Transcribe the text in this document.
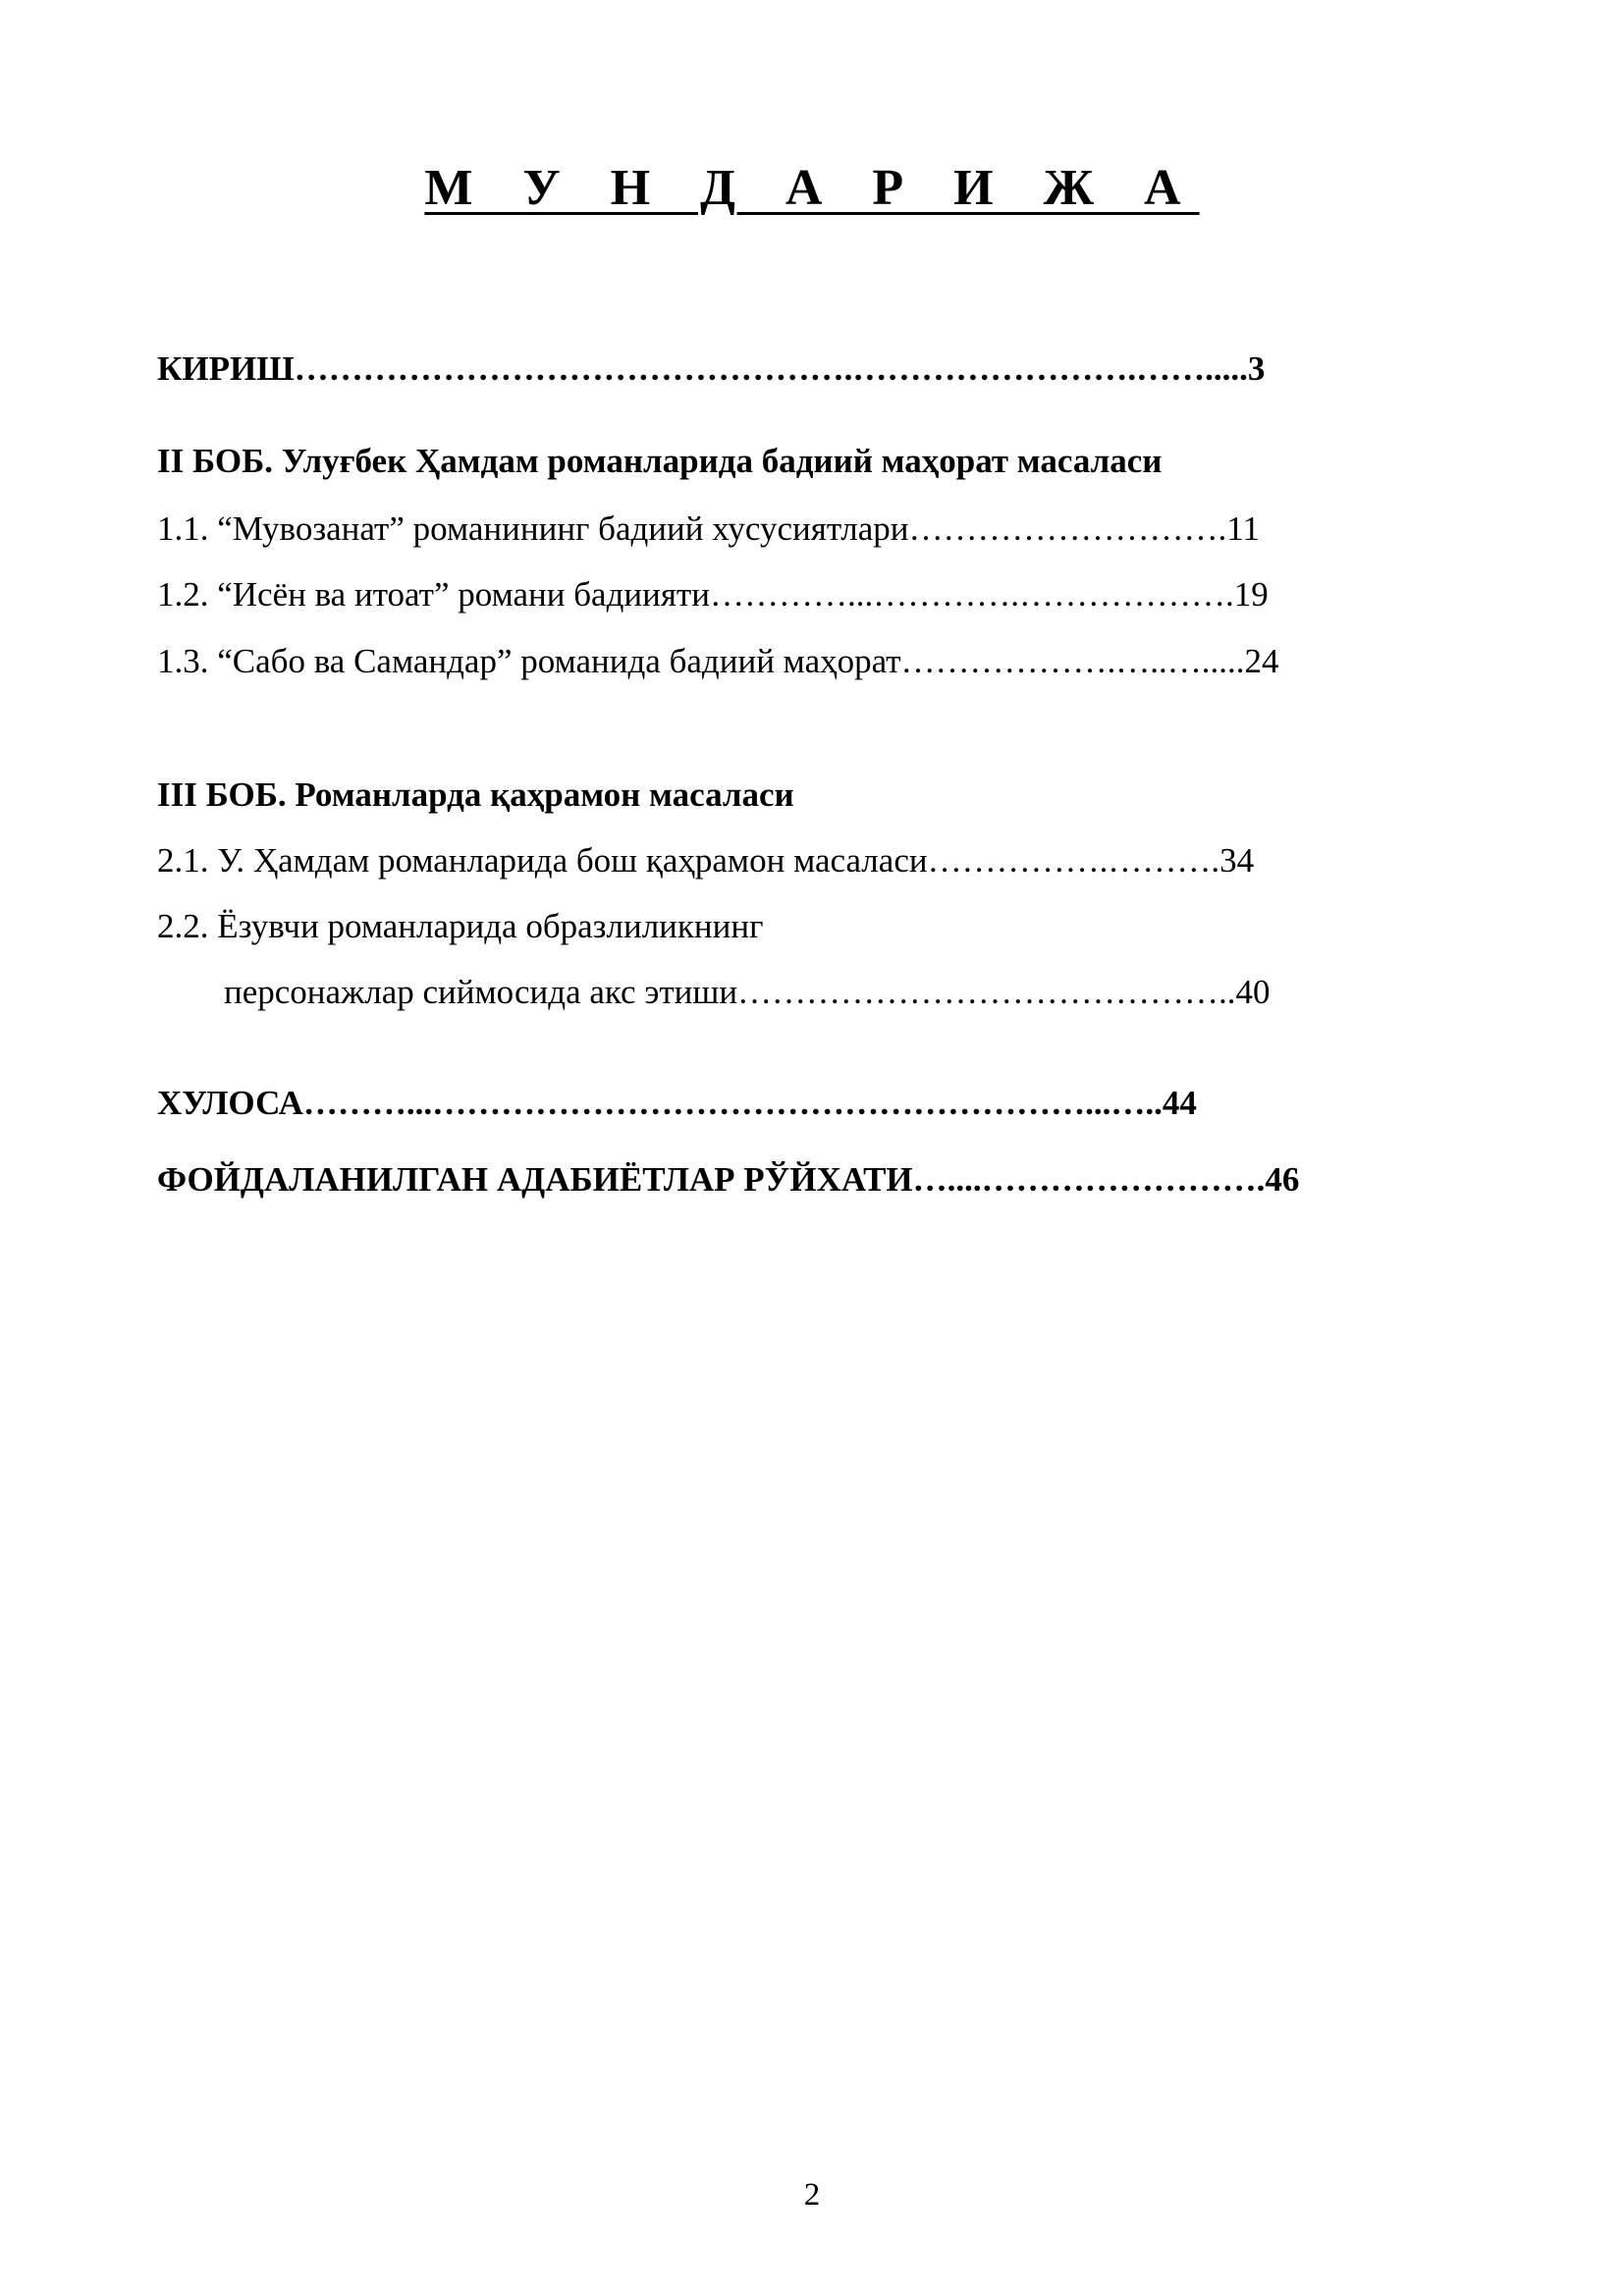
М У Н Д А Р И Ж А
КИРИШ………………………………………….…………………….…….....3
II БОБ. Улуғбек Ҳамдам романларида бадиий маҳорат масаласи
1.1. “Мувозанат” романининг бадиий хусусиятлари……………………….11
1.2. “Исён ва итоат” романи бадиияти…………...………….……………….19
1.3. “Сабо ва Самандар” романида бадиий маҳорат……………….…..….....24
III БОБ. Романларда қаҳрамон масаласи
2.1. У. Ҳамдам романларида бош қаҳрамон масаласи…………….……….34
2.2. Ёзувчи романларида образлиликнинг
персонажлар сиймосида акс этиши……………………………………..40
ХУЛОСА………...…………………………………………………...…..44
ФОЙДАЛАНИЛГАН АДАБИЁТЛАР РЎЙХАТИ…....…………………….46
2
